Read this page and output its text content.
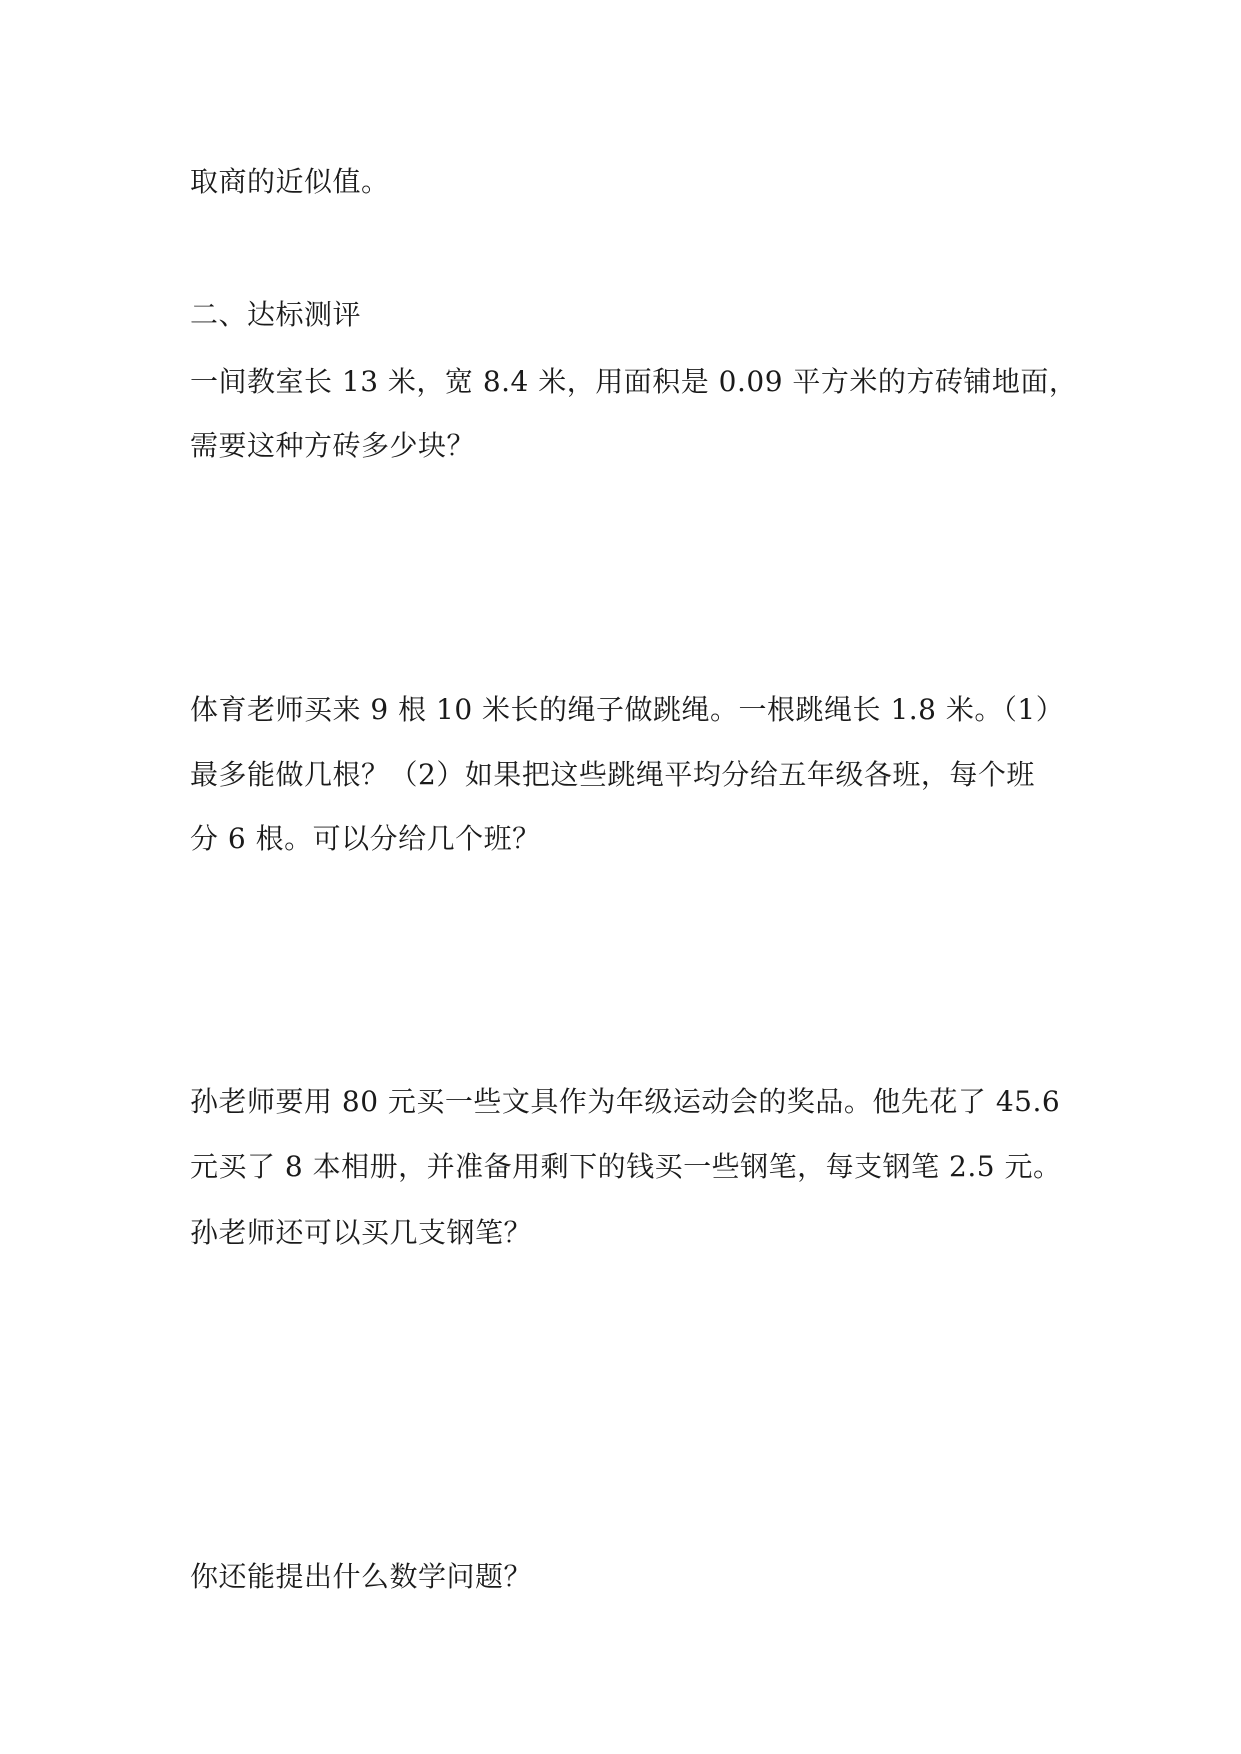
取商的近似值。
二、达标测评
一间教室长 13 米，宽 8.4 米，用面积是 0.09 平方米的方砖铺地面，
需要这种方砖多少块？
体育老师买来 9 根 10 米长的绳子做跳绳。一根跳绳长 1.8 米。（1）
最多能做几根？（2）如果把这些跳绳平均分给五年级各班，每个班
分 6 根。可以分给几个班？
孙老师要用 80 元买一些文具作为年级运动会的奖品。他先花了 45.6
元买了 8 本相册，并准备用剩下的钱买一些钢笔，每支钢笔 2.5 元。
孙老师还可以买几支钢笔？
你还能提出什么数学问题？
